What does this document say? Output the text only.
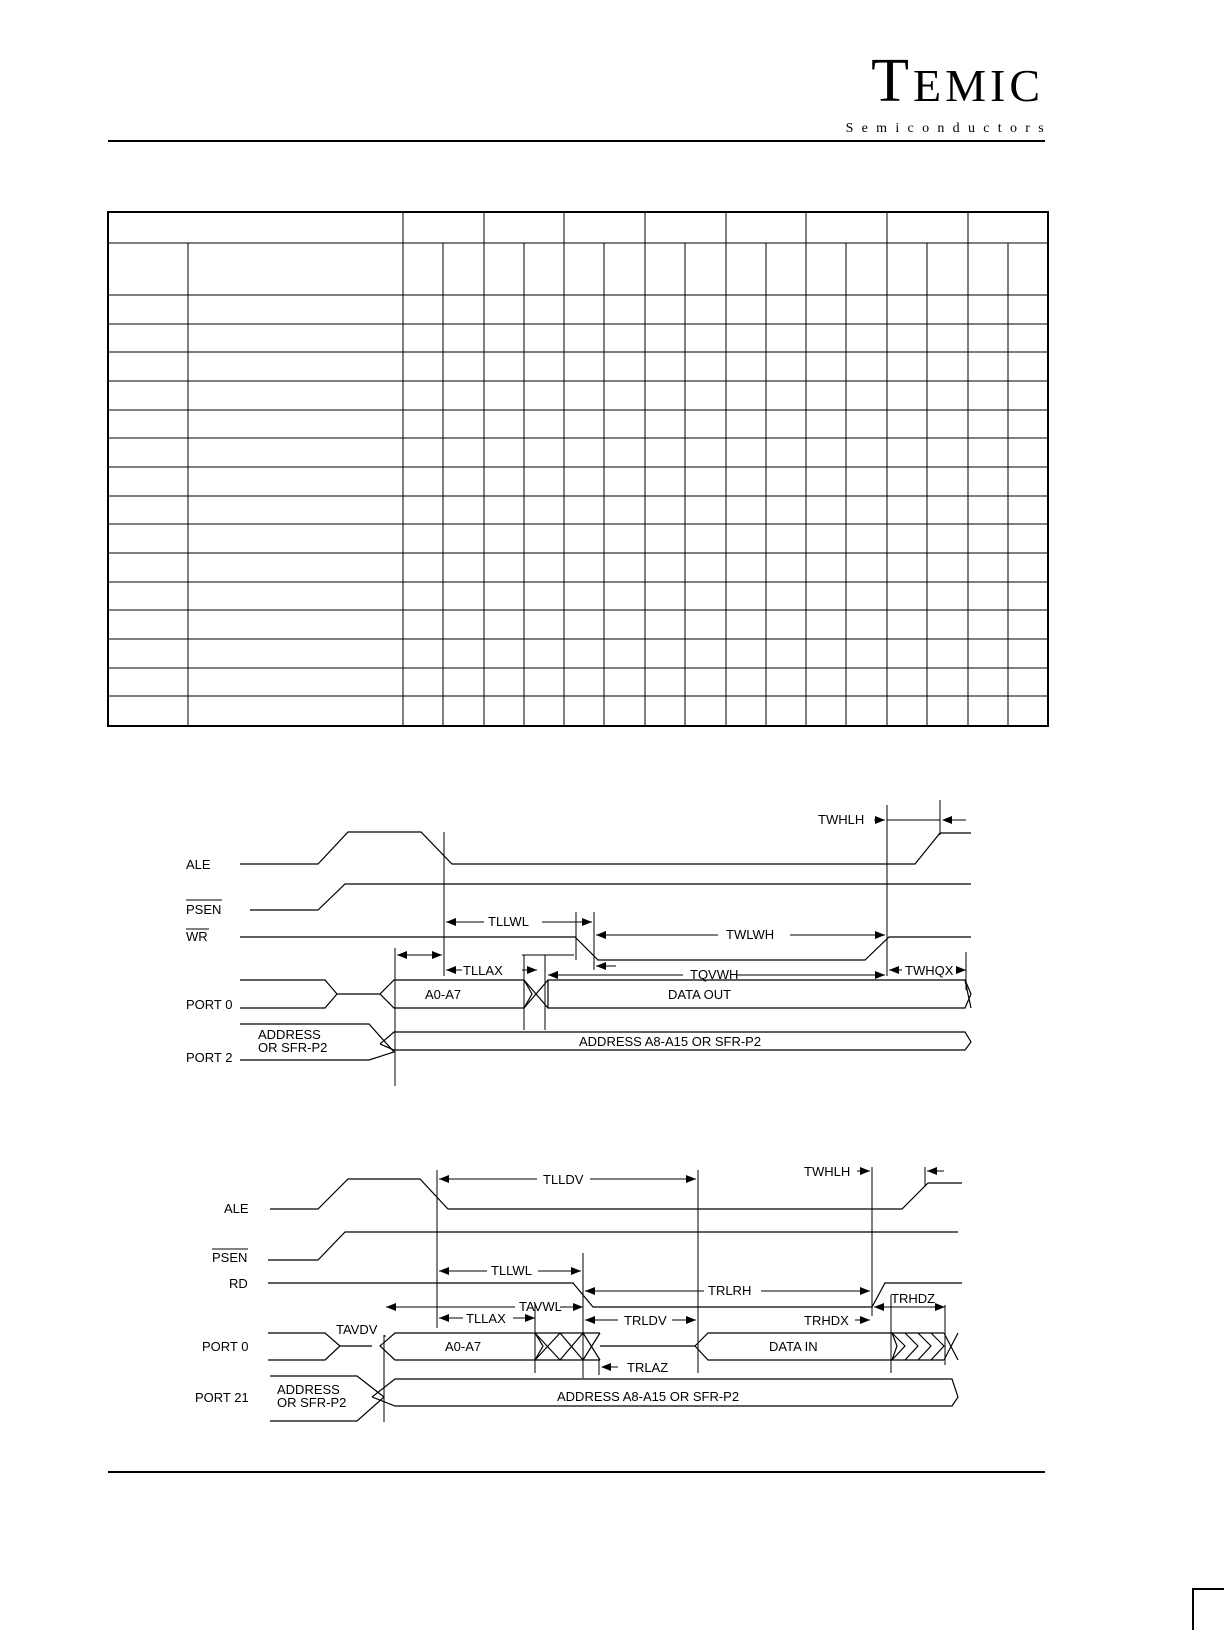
TEMIC
Semiconductors
ALE
PSEN
WR
PORT 0
PORT 2
TWHLH
TLLWL
TWLWH
TLLAX	TQVWH	TWHQX
A0-A7	DATA OUT
ADDRESS
OR SFR-P2	ADDRESS A8-A15 OR SFR-P2
ALE
PSEN
RD
PORT 0
PORT 21
TLLDV
TWHLH
TLLWL
TRLRH
TRHDZ
TAVWL
TLLAX	TRLDV	TRHDX
TAVDV
TRLAZ
A0-A7	DATA IN
ADDRESS
OR SFR-P2	ADDRESS A8-A15 OR SFR-P2
